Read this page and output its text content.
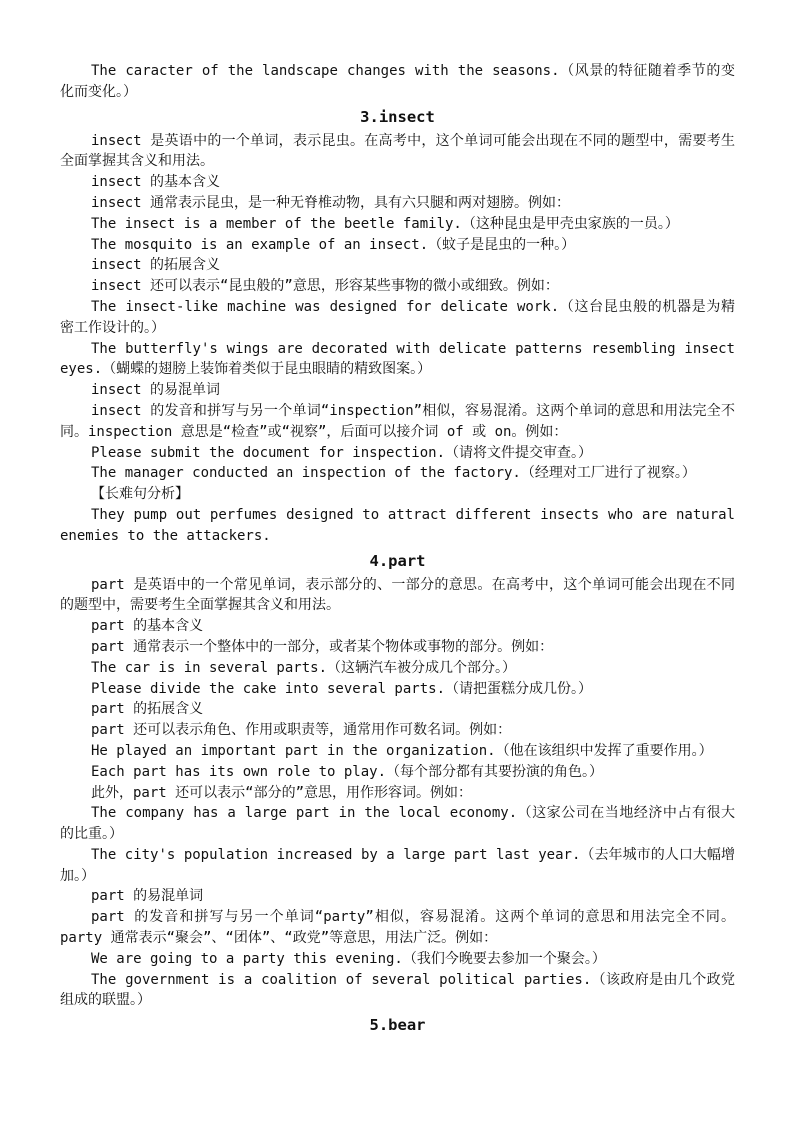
The caracter of the landscape changes with the seasons.（风景的特征随着季节的变化而变化。）

3.insect

insect 是英语中的一个单词，表示昆虫。在高考中，这个单词可能会出现在不同的题型中，需要考生全面掌握其含义和用法。

insect 的基本含义

insect 通常表示昆虫，是一种无脊椎动物，具有六只腿和两对翅膀。例如：

The insect is a member of the beetle family.（这种昆虫是甲壳虫家族的一员。）

The mosquito is an example of an insect.（蚊子是昆虫的一种。）

insect 的拓展含义

insect 还可以表示“昆虫般的”意思，形容某些事物的微小或细致。例如：

The insect-like machine was designed for delicate work.（这台昆虫般的机器是为精密工作设计的。）

The butterfly's wings are decorated with delicate patterns resembling insect eyes.（蝴蝶的翅膀上装饰着类似于昆虫眼睛的精致图案。）

insect 的易混单词

insect 的发音和拼写与另一个单词“inspection”相似，容易混淆。这两个单词的意思和用法完全不同。inspection 意思是“检查”或“视察”，后面可以接介词 of 或 on。例如：

Please submit the document for inspection.（请将文件提交审查。）

The manager conducted an inspection of the factory.（经理对工厂进行了视察。）

【长难句分析】

They pump out perfumes designed to attract different insects who are natural enemies to the attackers.

4.part

part 是英语中的一个常见单词，表示部分的、一部分的意思。在高考中，这个单词可能会出现在不同的题型中，需要考生全面掌握其含义和用法。

part 的基本含义

part 通常表示一个整体中的一部分，或者某个物体或事物的部分。例如：

The car is in several parts.（这辆汽车被分成几个部分。）

Please divide the cake into several parts.（请把蛋糕分成几份。）

part 的拓展含义

part 还可以表示角色、作用或职责等，通常用作可数名词。例如：

He played an important part in the organization.（他在该组织中发挥了重要作用。）

Each part has its own role to play.（每个部分都有其要扮演的角色。）

此外，part 还可以表示“部分的”意思，用作形容词。例如：

The company has a large part in the local economy.（这家公司在当地经济中占有很大的比重。）

The city's population increased by a large part last year.（去年城市的人口大幅增加。）

part 的易混单词

part 的发音和拼写与另一个单词“party”相似，容易混淆。这两个单词的意思和用法完全不同。party 通常表示“聚会”、“团体”、“政党”等意思，用法广泛。例如：

We are going to a party this evening.（我们今晚要去参加一个聚会。）

The government is a coalition of several political parties.（该政府是由几个政党组成的联盟。）

5.bear
